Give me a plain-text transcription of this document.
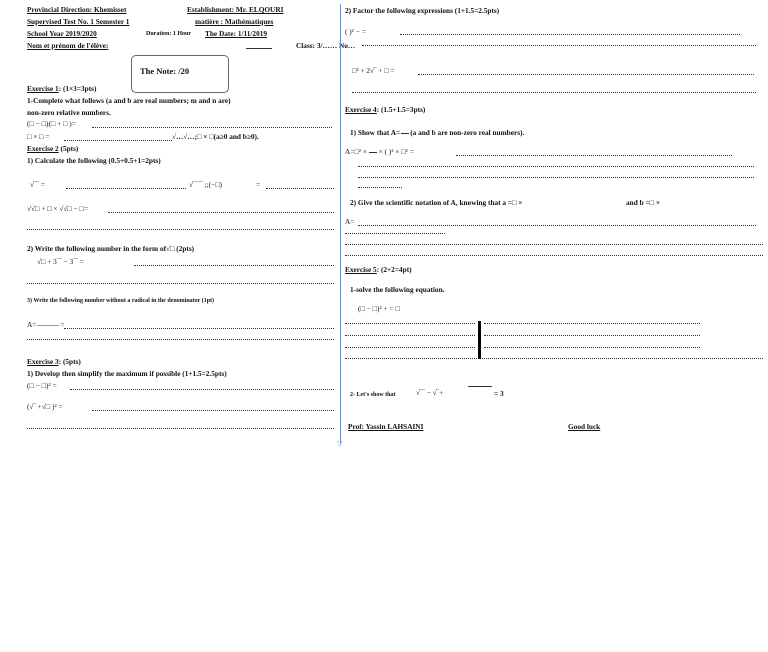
Provincial Direction: Khemisset	Establishment: Mr. ELQOURI
Supervised Test No. 1 Semester 1	matière : Mathématiques
School Year 2019/2020	Duration: 1 Hour The Date: 1/11/2019
Nom et prénom de l'élève:	Class: 3/…… No…
The Note: /20
▽
Exercise 1: (1×3=3pts)
1-Complete what follows (a and b are real numbers; m and n are)
non-zero relative numbers.
(□ − □)(□ + □ )=
□ × □ =	√…√…;□ × □(a≥0 and b≥0).
Exercise 2 (5pts)
1) Calculate the following (0.5+0.5+1=2pts)
√‾‾ =	√‾‾‾‾ ;;(−□)	=
√√□ + □ × √√□ − □=
2) Write the following number in the form of√□ (2pts)
√□ + 3‾‾ − 3‾‾ =
3) Write the following number without a radical in the denominator (1pt)
A=	=
Exercise 3: (5pts)
1) Develop then simplify the maximum if possible (1+1.5=2.5pts)
(□ − □)² =
(√‾ +√□ )² =
2) Factor the following expressions (1+1.5=2.5pts)
( )² − =
□² + 2√‾ + □ =
Exercise 4: (1.5+1.5=3pts)
1) Show that A= (a and b are non-zero real numbers).
A=□² ×  × ( )² × □² =
2) Give the scientific notation of A, knowing that a =□ ×	and b =□ ×
A=
Exercise 5: (2+2=4pt)
1-solve the following equation.
(□ − □)² + = □
2- Let's show that	√‾‾ − √‾+	= 3
Prof: Yassin LAHSAINI	Good luck
